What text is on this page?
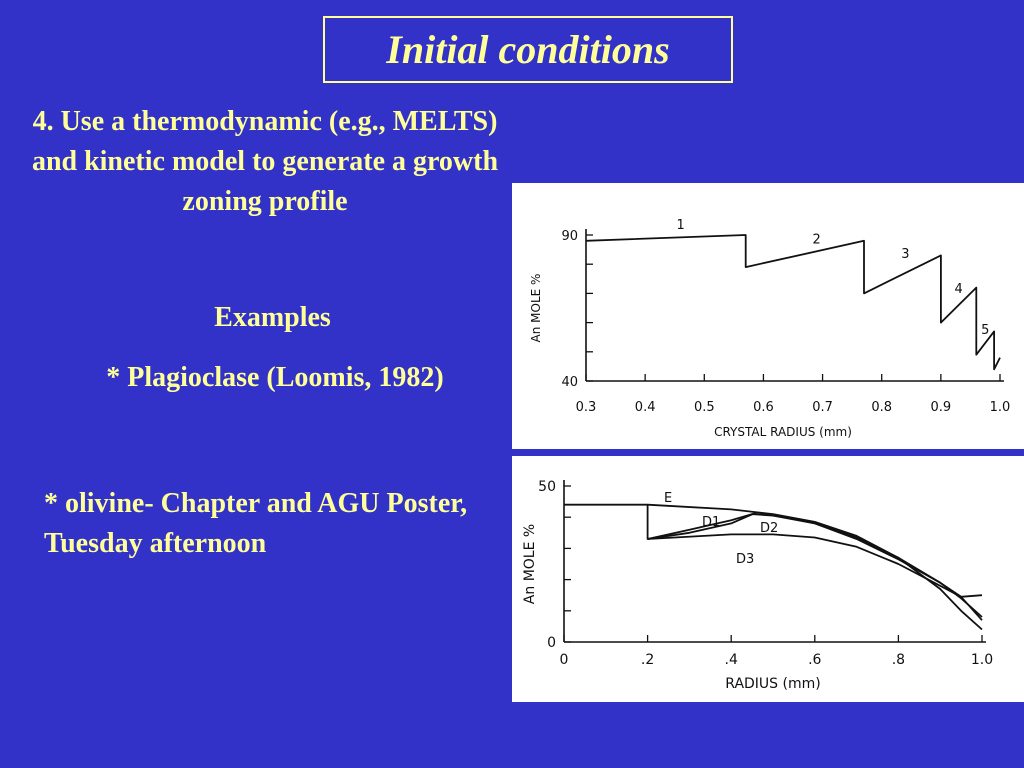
Initial conditions
4. Use a thermodynamic (e.g., MELTS) and kinetic model to generate a growth zoning profile
Examples
* Plagioclase (Loomis, 1982)
* olivine- Chapter and AGU Poster, Tuesday afternoon
0.3	0.4	0.5	0.6	0.7	0.8	0.9	1.0
90
40
CRYSTAL RADIUS (mm)
An MOLE %
1
2
3
4
5
0	.2	.4	.6	.8	1.0
50
0
RADIUS (mm)
An MOLE %
E
D1	D2
D3
